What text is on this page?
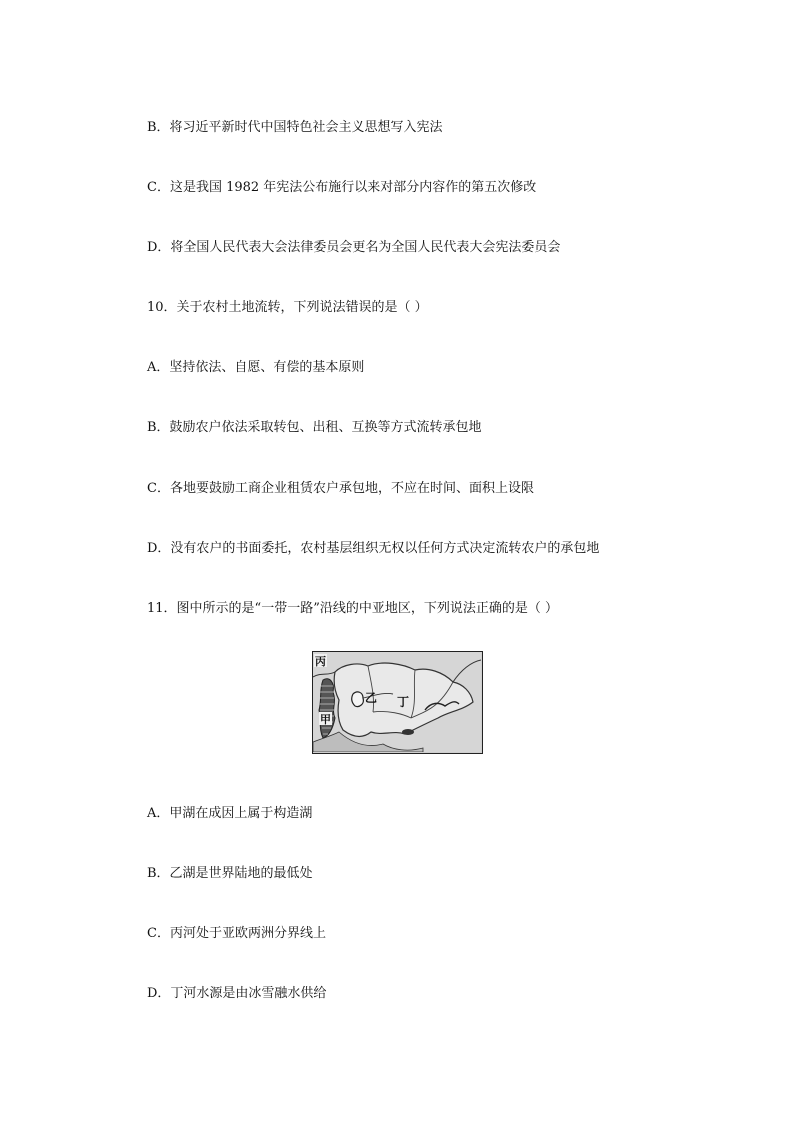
B．将习近平新时代中国特色社会主义思想写入宪法
C．这是我国 1982 年宪法公布施行以来对部分内容作的第五次修改
D．将全国人民代表大会法律委员会更名为全国人民代表大会宪法委员会
10．关于农村土地流转，下列说法错误的是（ ）
A．坚持依法、自愿、有偿的基本原则
B．鼓励农户依法采取转包、出租、互换等方式流转承包地
C．各地要鼓励工商企业租赁农户承包地，不应在时间、面积上设限
D．没有农户的书面委托，农村基层组织无权以任何方式决定流转农户的承包地
11．图中所示的是“一带一路”沿线的中亚地区，下列说法正确的是（ ）
丙
甲
乙 丁
A．甲湖在成因上属于构造湖
B．乙湖是世界陆地的最低处
C．丙河处于亚欧两洲分界线上
D．丁河水源是由冰雪融水供给
